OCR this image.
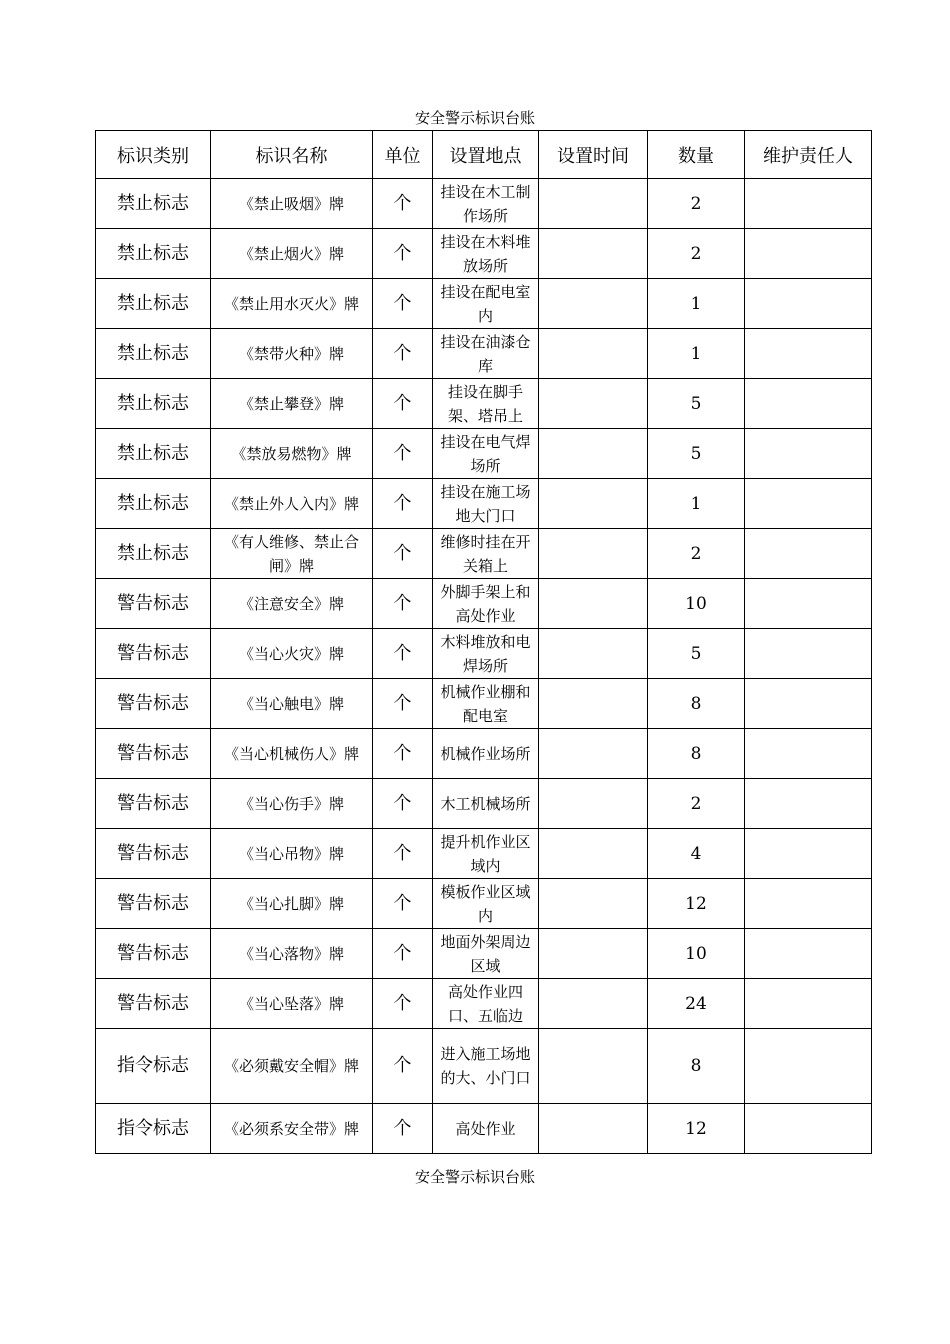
安全警示标识台账
标识类别	标识名称	单位	设置地点	设置时间	数量	维护责任人
禁止标志	《禁止吸烟》牌	个	挂设在木工制作场所		2	
禁止标志	《禁止烟火》牌	个	挂设在木料堆放场所		2	
禁止标志	《禁止用水灭火》牌	个	挂设在配电室内		1	
禁止标志	《禁带火种》牌	个	挂设在油漆仓库		1	
禁止标志	《禁止攀登》牌	个	挂设在脚手架、塔吊上		5	
禁止标志	《禁放易燃物》牌	个	挂设在电气焊场所		5	
禁止标志	《禁止外人入内》牌	个	挂设在施工场地大门口		1	
禁止标志	《有人维修、禁止合闸》牌	个	维修时挂在开关箱上		2	
警告标志	《注意安全》牌	个	外脚手架上和高处作业		10	
警告标志	《当心火灾》牌	个	木料堆放和电焊场所		5	
警告标志	《当心触电》牌	个	机械作业棚和配电室		8	
警告标志	《当心机械伤人》牌	个	机械作业场所		8	
警告标志	《当心伤手》牌	个	木工机械场所		2	
警告标志	《当心吊物》牌	个	提升机作业区域内		4	
警告标志	《当心扎脚》牌	个	模板作业区域内		12	
警告标志	《当心落物》牌	个	地面外架周边区域		10	
警告标志	《当心坠落》牌	个	高处作业四口、五临边		24	
指令标志	《必须戴安全帽》牌	个	进入施工场地的大、小门口		8	
指令标志	《必须系安全带》牌	个	高处作业		12	
安全警示标识台账
